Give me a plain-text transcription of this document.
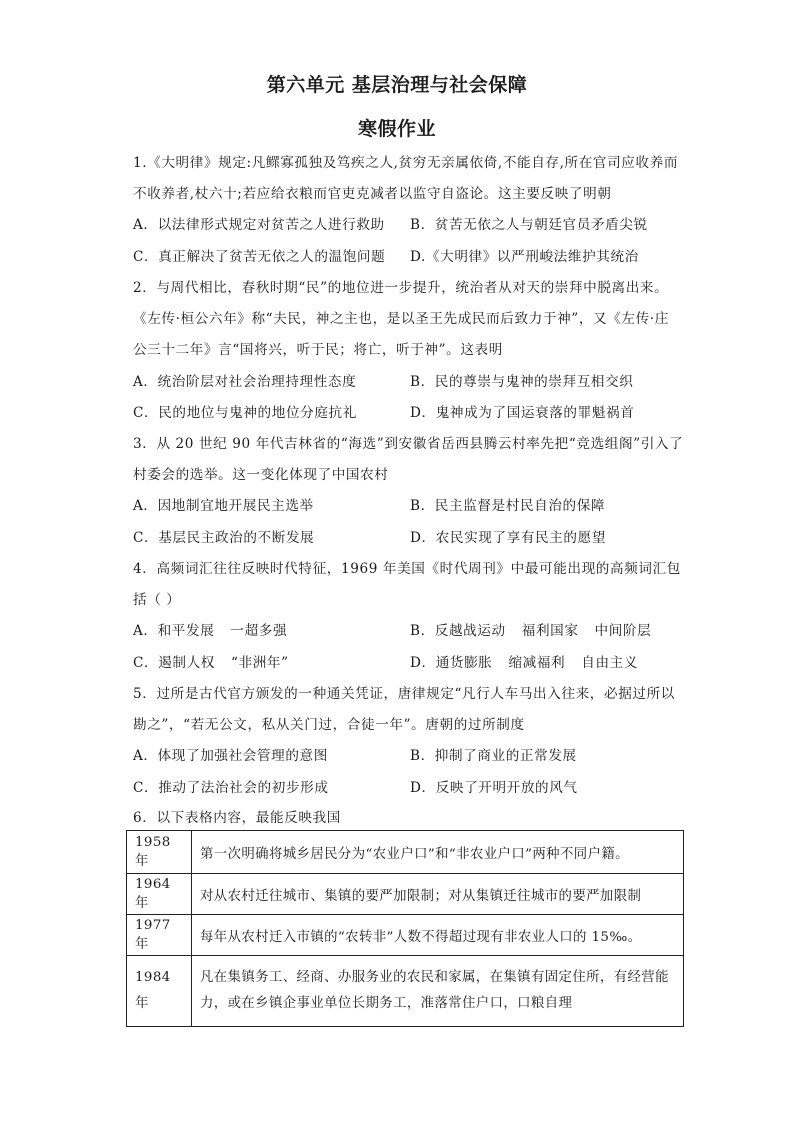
第六单元 基层治理与社会保障
寒假作业
1.《大明律》规定:凡鳏寡孤独及笃疾之人,贫穷无亲属依倚,不能自存,所在官司应收养而
不收养者,杖六十;若应给衣粮而官吏克减者以监守自盗论。这主要反映了明朝
A．以法律形式规定对贫苦之人进行救助 B．贫苦无依之人与朝廷官员矛盾尖锐
C．真正解决了贫苦无依之人的温饱问题 D.《大明律》以严刑峻法维护其统治
2．与周代相比，春秋时期“民”的地位进一步提升，统治者从对天的崇拜中脱离出来。
《左传·桓公六年》称“夫民，神之主也，是以圣王先成民而后致力于神”，又《左传·庄
公三十二年》言“国将兴，听于民；将亡，听于神”。这表明
A．统治阶层对社会治理持理性态度	B．民的尊崇与鬼神的崇拜互相交织
C．民的地位与鬼神的地位分庭抗礼	D．鬼神成为了国运衰落的罪魁祸首
3．从 20 世纪 90 年代吉林省的“海选”到安徽省岳西县腾云村率先把“竞选组阁”引入了
村委会的选举。这一变化体现了中国农村
A．因地制宜地开展民主选举	B．民主监督是村民自治的保障
C．基层民主政治的不断发展	D．农民实现了享有民主的愿望
4．高频词汇往往反映时代特征，1969 年美国《时代周刊》中最可能出现的高频词汇包
括（ ）
A．和平发展 一超多强	B．反越战运动 福利国家 中间阶层
C．遏制人权 “非洲年”	D．通货膨胀 缩减福利 自由主义
5．过所是古代官方颁发的一种通关凭证，唐律规定“凡行人车马出入往来，必据过所以
勘之”，“若无公文，私从关门过，合徒一年”。唐朝的过所制度
A．体现了加强社会管理的意图	B．抑制了商业的正常发展
C．推动了法治社会的初步形成	D．反映了开明开放的风气
6．以下表格内容，最能反映我国
1958 年	第一次明确将城乡居民分为“农业户口”和“非农业户口”两种不同户籍。
1964 年	对从农村迁往城市、集镇的要严加限制；对从集镇迁往城市的要严加限制
1977 年	每年从农村迁入市镇的“农转非”人数不得超过现有非农业人口的 15‰。
1984 年	凡在集镇务工、经商、办服务业的农民和家属，在集镇有固定住所，有经营能力，或在乡镇企事业单位长期务工，准落常住户口，口粮自理
